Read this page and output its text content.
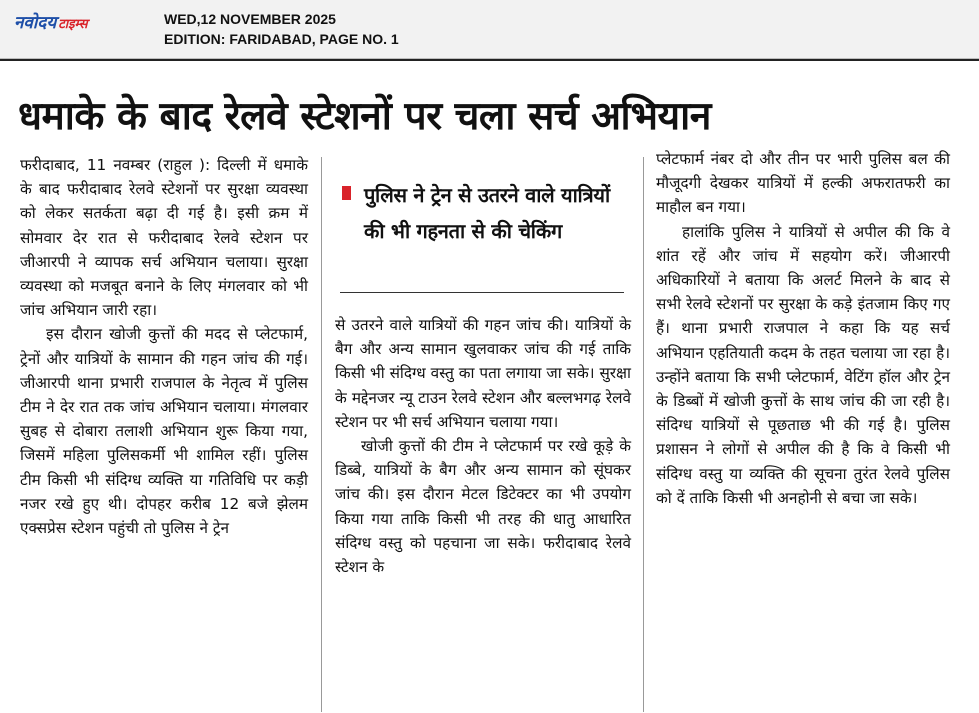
नवोदय टाइम्स	WED,12 NOVEMBER 2025
EDITION: FARIDABAD, PAGE NO. 1
धमाके के बाद रेलवे स्टेशनों पर चला सर्च अभियान

फरीदाबाद, 11 नवम्बर (राहुल ): दिल्ली में धमाके के बाद फरीदाबाद रेलवे स्टेशनों पर सुरक्षा व्यवस्था को लेकर सतर्कता बढ़ा दी गई है। इसी क्रम में सोमवार देर रात से फरीदाबाद रेलवे स्टेशन पर जीआरपी ने व्यापक सर्च अभियान चलाया। सुरक्षा व्यवस्था को मजबूत बनाने के लिए मंगलवार को भी जांच अभियान जारी रहा।

इस दौरान खोजी कुत्तों की मदद से प्लेटफार्म, ट्रेनों और यात्रियों के सामान की गहन जांच की गई। जीआरपी थाना प्रभारी राजपाल के नेतृत्व में पुलिस टीम ने देर रात तक जांच अभियान चलाया। मंगलवार सुबह से दोबारा तलाशी अभियान शुरू किया गया, जिसमें महिला पुलिसकर्मी भी शामिल रहीं। पुलिस टीम किसी भी संदिग्ध व्यक्ति या गतिविधि पर कड़ी नजर रखे हुए थी। दोपहर करीब 12 बजे झेलम एक्सप्रेस स्टेशन पहुंची तो पुलिस ने ट्रेन

पुलिस ने ट्रेन से उतरने वाले यात्रियों की भी गहनता से की चेकिंग

से उतरने वाले यात्रियों की गहन जांच की। यात्रियों के बैग और अन्य सामान खुलवाकर जांच की गई ताकि किसी भी संदिग्ध वस्तु का पता लगाया जा सके। सुरक्षा के मद्देनजर न्यू टाउन रेलवे स्टेशन और बल्लभगढ़ रेलवे स्टेशन पर भी सर्च अभियान चलाया गया।

खोजी कुत्तों की टीम ने प्लेटफार्म पर रखे कूड़े के डिब्बे, यात्रियों के बैग और अन्य सामान को सूंघकर जांच की। इस दौरान मेटल डिटेक्टर का भी उपयोग किया गया ताकि किसी भी तरह की धातु आधारित संदिग्ध वस्तु को पहचाना जा सके। फरीदाबाद रेलवे स्टेशन के

प्लेटफार्म नंबर दो और तीन पर भारी पुलिस बल की मौजूदगी देखकर यात्रियों में हल्की अफरातफरी का माहौल बन गया।

हालांकि पुलिस ने यात्रियों से अपील की कि वे शांत रहें और जांच में सहयोग करें। जीआरपी अधिकारियों ने बताया कि अलर्ट मिलने के बाद से सभी रेलवे स्टेशनों पर सुरक्षा के कड़े इंतजाम किए गए हैं। थाना प्रभारी राजपाल ने कहा कि यह सर्च अभियान एहतियाती कदम के तहत चलाया जा रहा है। उन्होंने बताया कि सभी प्लेटफार्म, वेटिंग हॉल और ट्रेन के डिब्बों में खोजी कुत्तों के साथ जांच की जा रही है। संदिग्ध यात्रियों से पूछताछ भी की गई है। पुलिस प्रशासन ने लोगों से अपील की है कि वे किसी भी संदिग्ध वस्तु या व्यक्ति की सूचना तुरंत रेलवे पुलिस को दें ताकि किसी भी अनहोनी से बचा जा सके।
